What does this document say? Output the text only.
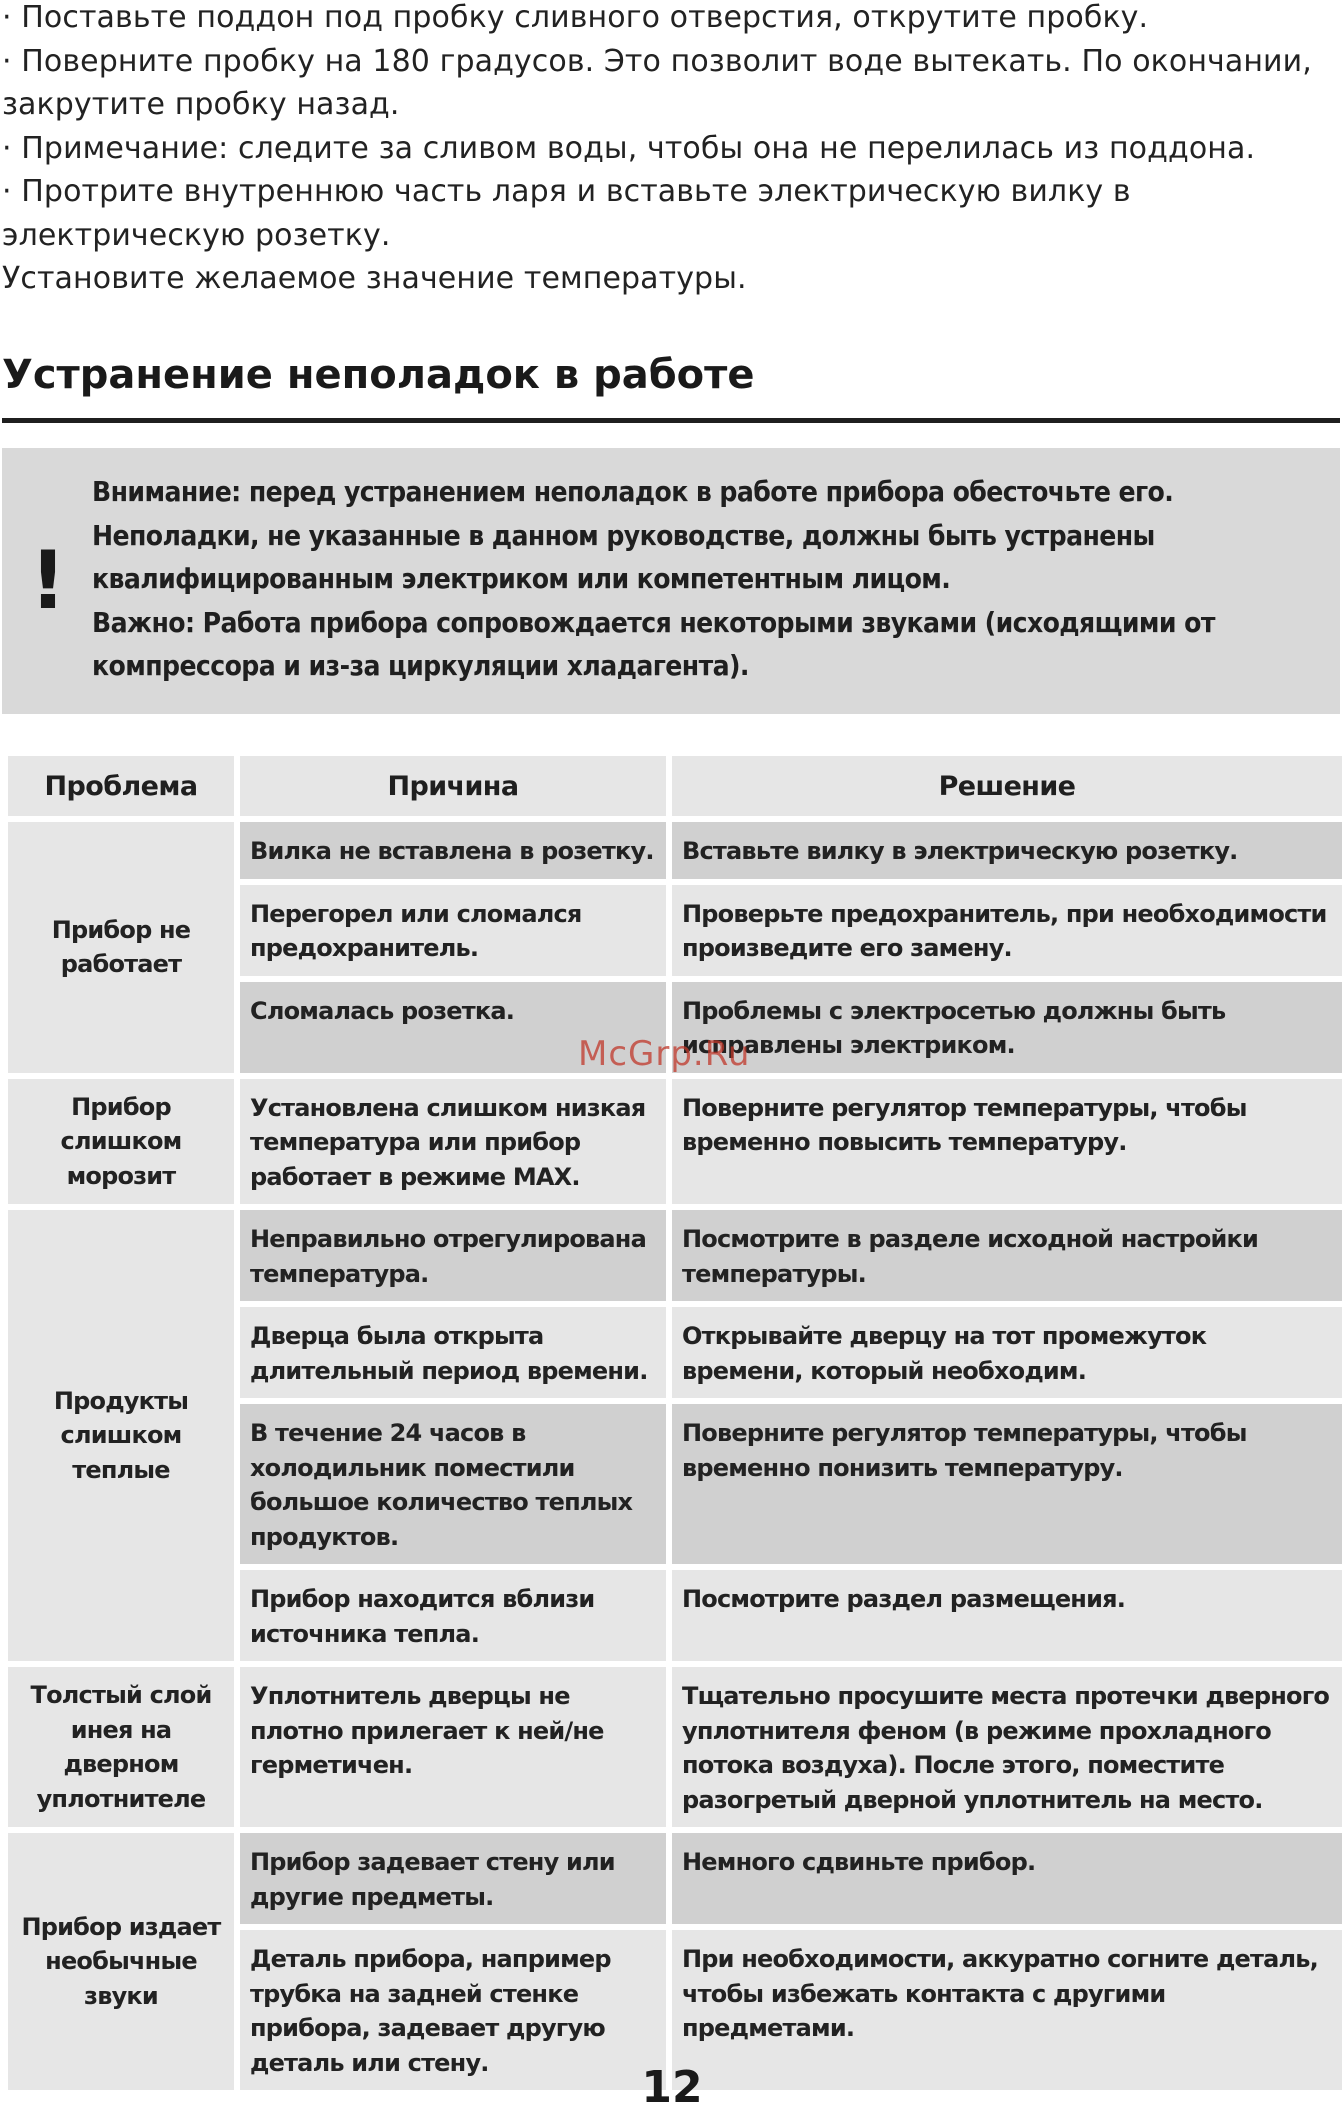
· Поставьте поддон под пробку сливного отверстия, открутите пробку.

· Поверните пробку на 180 градусов. Это позволит воде вытекать. По окончании, закрутите пробку назад.

· Примечание: следите за сливом воды, чтобы она не перелилась из поддона.

· Протрите внутреннюю часть ларя и вставьте электрическую вилку в электрическую розетку.

Установите желаемое значение температуры.

Устранение неполадок в работе
!

Внимание: перед устранением неполадок в работе прибора обесточьте его. Неполадки, не указанные в данном руководстве, должны быть устранены квалифицированным электриком или компетентным лицом.

Важно: Работа прибора сопровождается некоторыми звуками (исходящими от компрессора и из-за циркуляции хладагента).

Проблема	Причина	Решение
Прибор не работает	Вилка не вставлена в розетку.	Вставьте вилку в электрическую розетку.
	Перегорел или сломался предохранитель.	Проверьте предохранитель, при необходимости произведите его замену.
	Сломалась розетка.	Проблемы с электросетью должны быть исправлены электриком.
Прибор слишком морозит	Установлена слишком низкая температура или прибор работает в режиме МАХ.	Поверните регулятор температуры, чтобы временно повысить температуру.
Продукты слишком теплые	Неправильно отрегулирована температура.	Посмотрите в разделе исходной настройки температуры.
	Дверца была открыта длительный период времени.	Открывайте дверцу на тот промежуток времени, который необходим.
	В течение 24 часов в холодильник поместили большое количество теплых продуктов.	Поверните регулятор температуры, чтобы временно понизить температуру.
	Прибор находится вблизи источника тепла.	Посмотрите раздел размещения.
Толстый слой инея на дверном уплотнителе	Уплотнитель дверцы не плотно прилегает к ней/не герметичен.	Тщательно просушите места протечки дверного уплотнителя феном (в режиме прохладного потока воздуха). После этого, поместите разогретый дверной уплотнитель на место.
Прибор издает необычные звуки	Прибор задевает стену или другие предметы.	Немного сдвиньте прибор.
	Деталь прибора, например трубка на задней стенке прибора, задевает другую деталь или стену.	При необходимости, аккуратно согните деталь, чтобы избежать контакта с другими предметами.
McGrp.Ru
12
